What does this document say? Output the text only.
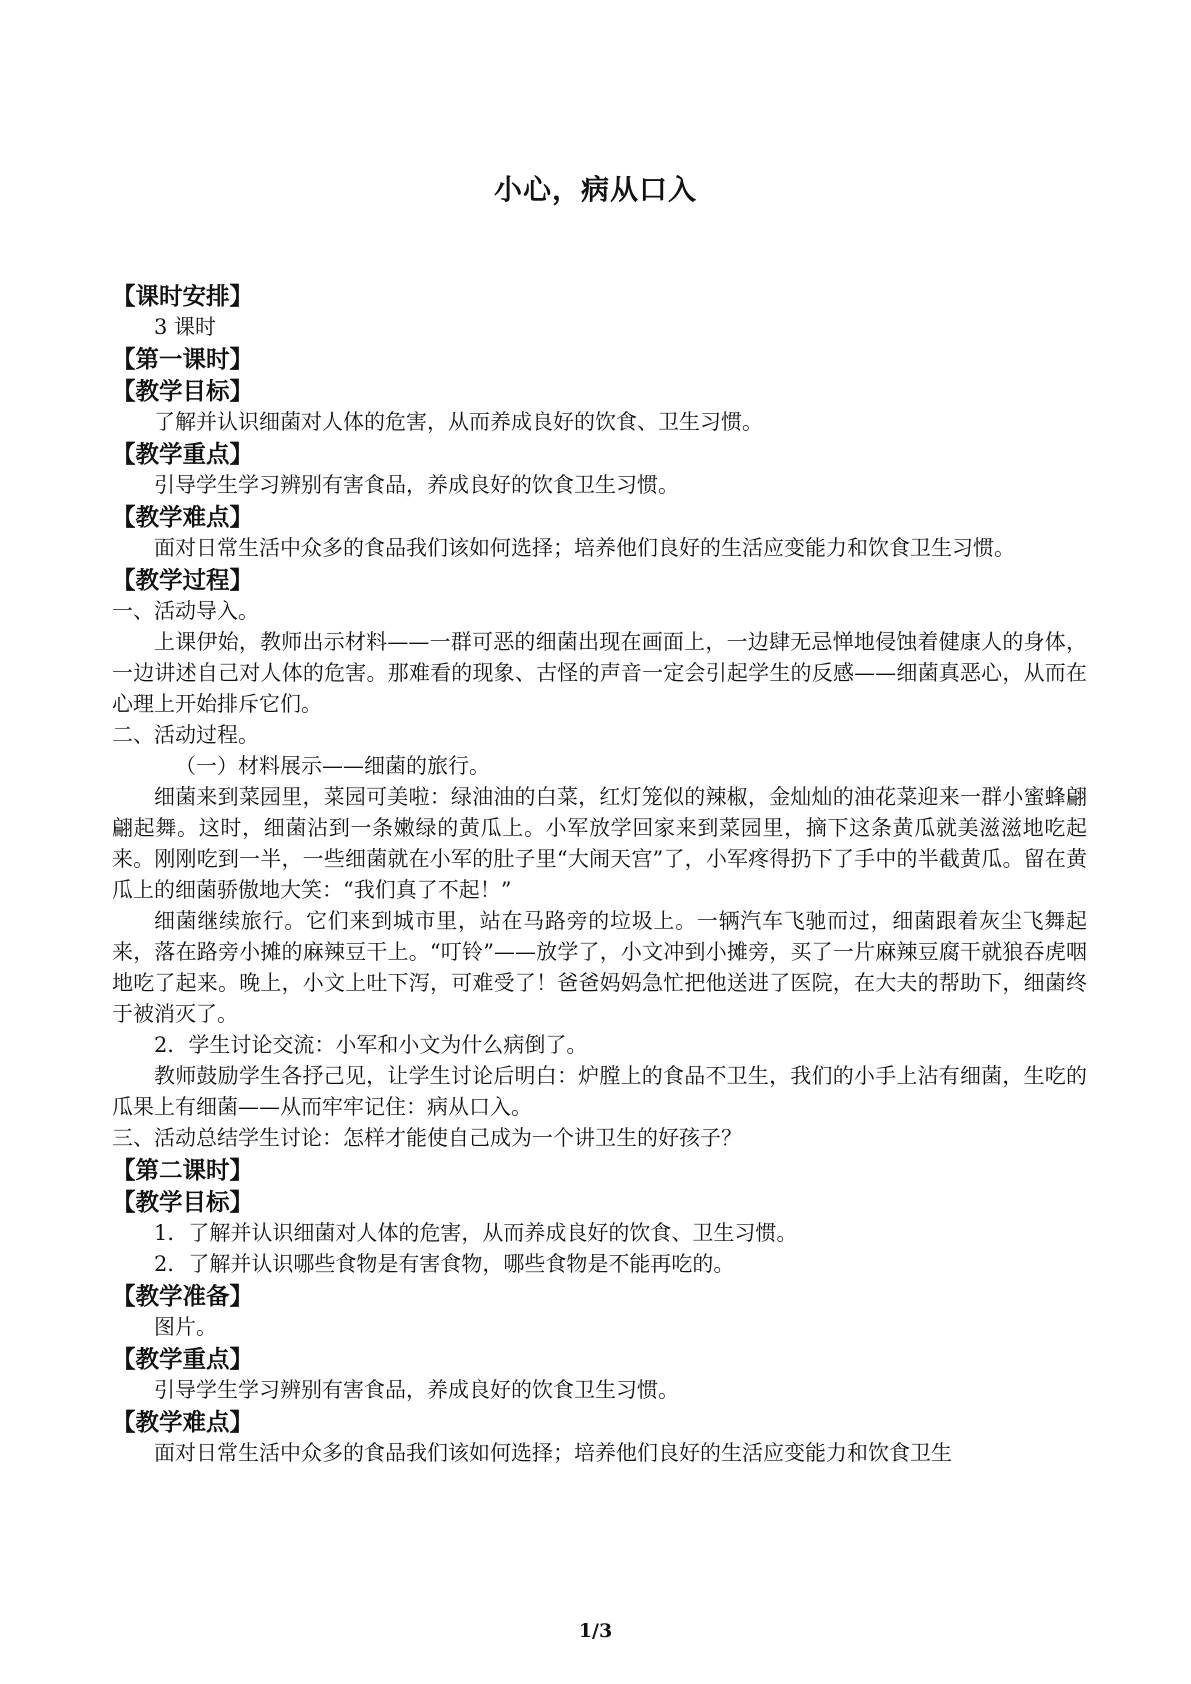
小心，病从口入
【课时安排】
3 课时
【第一课时】
【教学目标】
了解并认识细菌对人体的危害，从而养成良好的饮食、卫生习惯。
【教学重点】
引导学生学习辨别有害食品，养成良好的饮食卫生习惯。
【教学难点】
面对日常生活中众多的食品我们该如何选择；培养他们良好的生活应变能力和饮食卫生习惯。
【教学过程】
一、活动导入。
上课伊始，教师出示材料——一群可恶的细菌出现在画面上，一边肆无忌惮地侵蚀着健康人的身体，一边讲述自己对人体的危害。那难看的现象、古怪的声音一定会引起学生的反感——细菌真恶心，从而在心理上开始排斥它们。
二、活动过程。
（一）材料展示——细菌的旅行。
细菌来到菜园里，菜园可美啦：绿油油的白菜，红灯笼似的辣椒，金灿灿的油花菜迎来一群小蜜蜂翩翩起舞。这时，细菌沾到一条嫩绿的黄瓜上。小军放学回家来到菜园里，摘下这条黄瓜就美滋滋地吃起来。刚刚吃到一半，一些细菌就在小军的肚子里“大闹天宫”了，小军疼得扔下了手中的半截黄瓜。留在黄瓜上的细菌骄傲地大笑：“我们真了不起！”
细菌继续旅行。它们来到城市里，站在马路旁的垃圾上。一辆汽车飞驰而过，细菌跟着灰尘飞舞起来，落在路旁小摊的麻辣豆干上。“叮铃”——放学了，小文冲到小摊旁，买了一片麻辣豆腐干就狼吞虎咽地吃了起来。晚上，小文上吐下泻，可难受了！爸爸妈妈急忙把他送进了医院，在大夫的帮助下，细菌终于被消灭了。
2．学生讨论交流：小军和小文为什么病倒了。
教师鼓励学生各抒己见，让学生讨论后明白：炉膛上的食品不卫生，我们的小手上沾有细菌，生吃的瓜果上有细菌——从而牢牢记住：病从口入。
三、活动总结学生讨论：怎样才能使自己成为一个讲卫生的好孩子？
【第二课时】
【教学目标】
1．了解并认识细菌对人体的危害，从而养成良好的饮食、卫生习惯。
2．了解并认识哪些食物是有害食物，哪些食物是不能再吃的。
【教学准备】
图片。
【教学重点】
引导学生学习辨别有害食品，养成良好的饮食卫生习惯。
【教学难点】
面对日常生活中众多的食品我们该如何选择；培养他们良好的生活应变能力和饮食卫生
1/3
